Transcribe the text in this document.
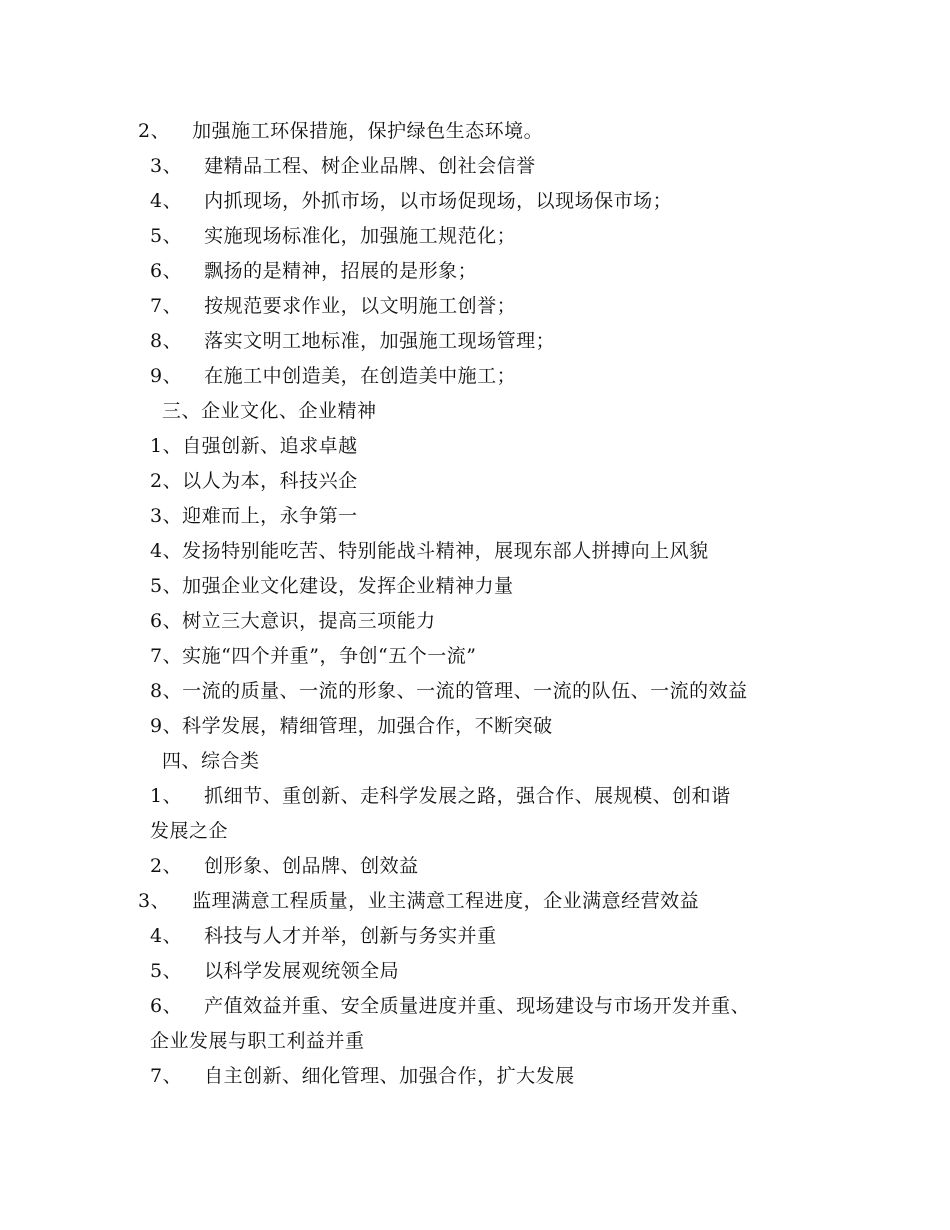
2、 加强施工环保措施，保护绿色生态环境。
3、 建精品工程、树企业品牌、创社会信誉
4、 内抓现场，外抓市场，以市场促现场，以现场保市场；
5、 实施现场标准化，加强施工规范化；
6、 飘扬的是精神，招展的是形象；
7、 按规范要求作业，以文明施工创誉；
8、 落实文明工地标准，加强施工现场管理；
9、 在施工中创造美，在创造美中施工；
三、企业文化、企业精神
1、自强创新、追求卓越
2、以人为本，科技兴企
3、迎难而上，永争第一
4、发扬特别能吃苦、特别能战斗精神，展现东部人拼搏向上风貌
5、加强企业文化建设，发挥企业精神力量
6、树立三大意识，提高三项能力
7、实施“四个并重”，争创“五个一流”
8、一流的质量、一流的形象、一流的管理、一流的队伍、一流的效益
9、科学发展，精细管理，加强合作，不断突破
四、综合类
1、 抓细节、重创新、走科学发展之路，强合作、展规模、创和谐
发展之企
2、 创形象、创品牌、创效益
3、 监理满意工程质量，业主满意工程进度，企业满意经营效益
4、 科技与人才并举，创新与务实并重
5、 以科学发展观统领全局
6、 产值效益并重、安全质量进度并重、现场建设与市场开发并重、
企业发展与职工利益并重
7、 自主创新、细化管理、加强合作，扩大发展
